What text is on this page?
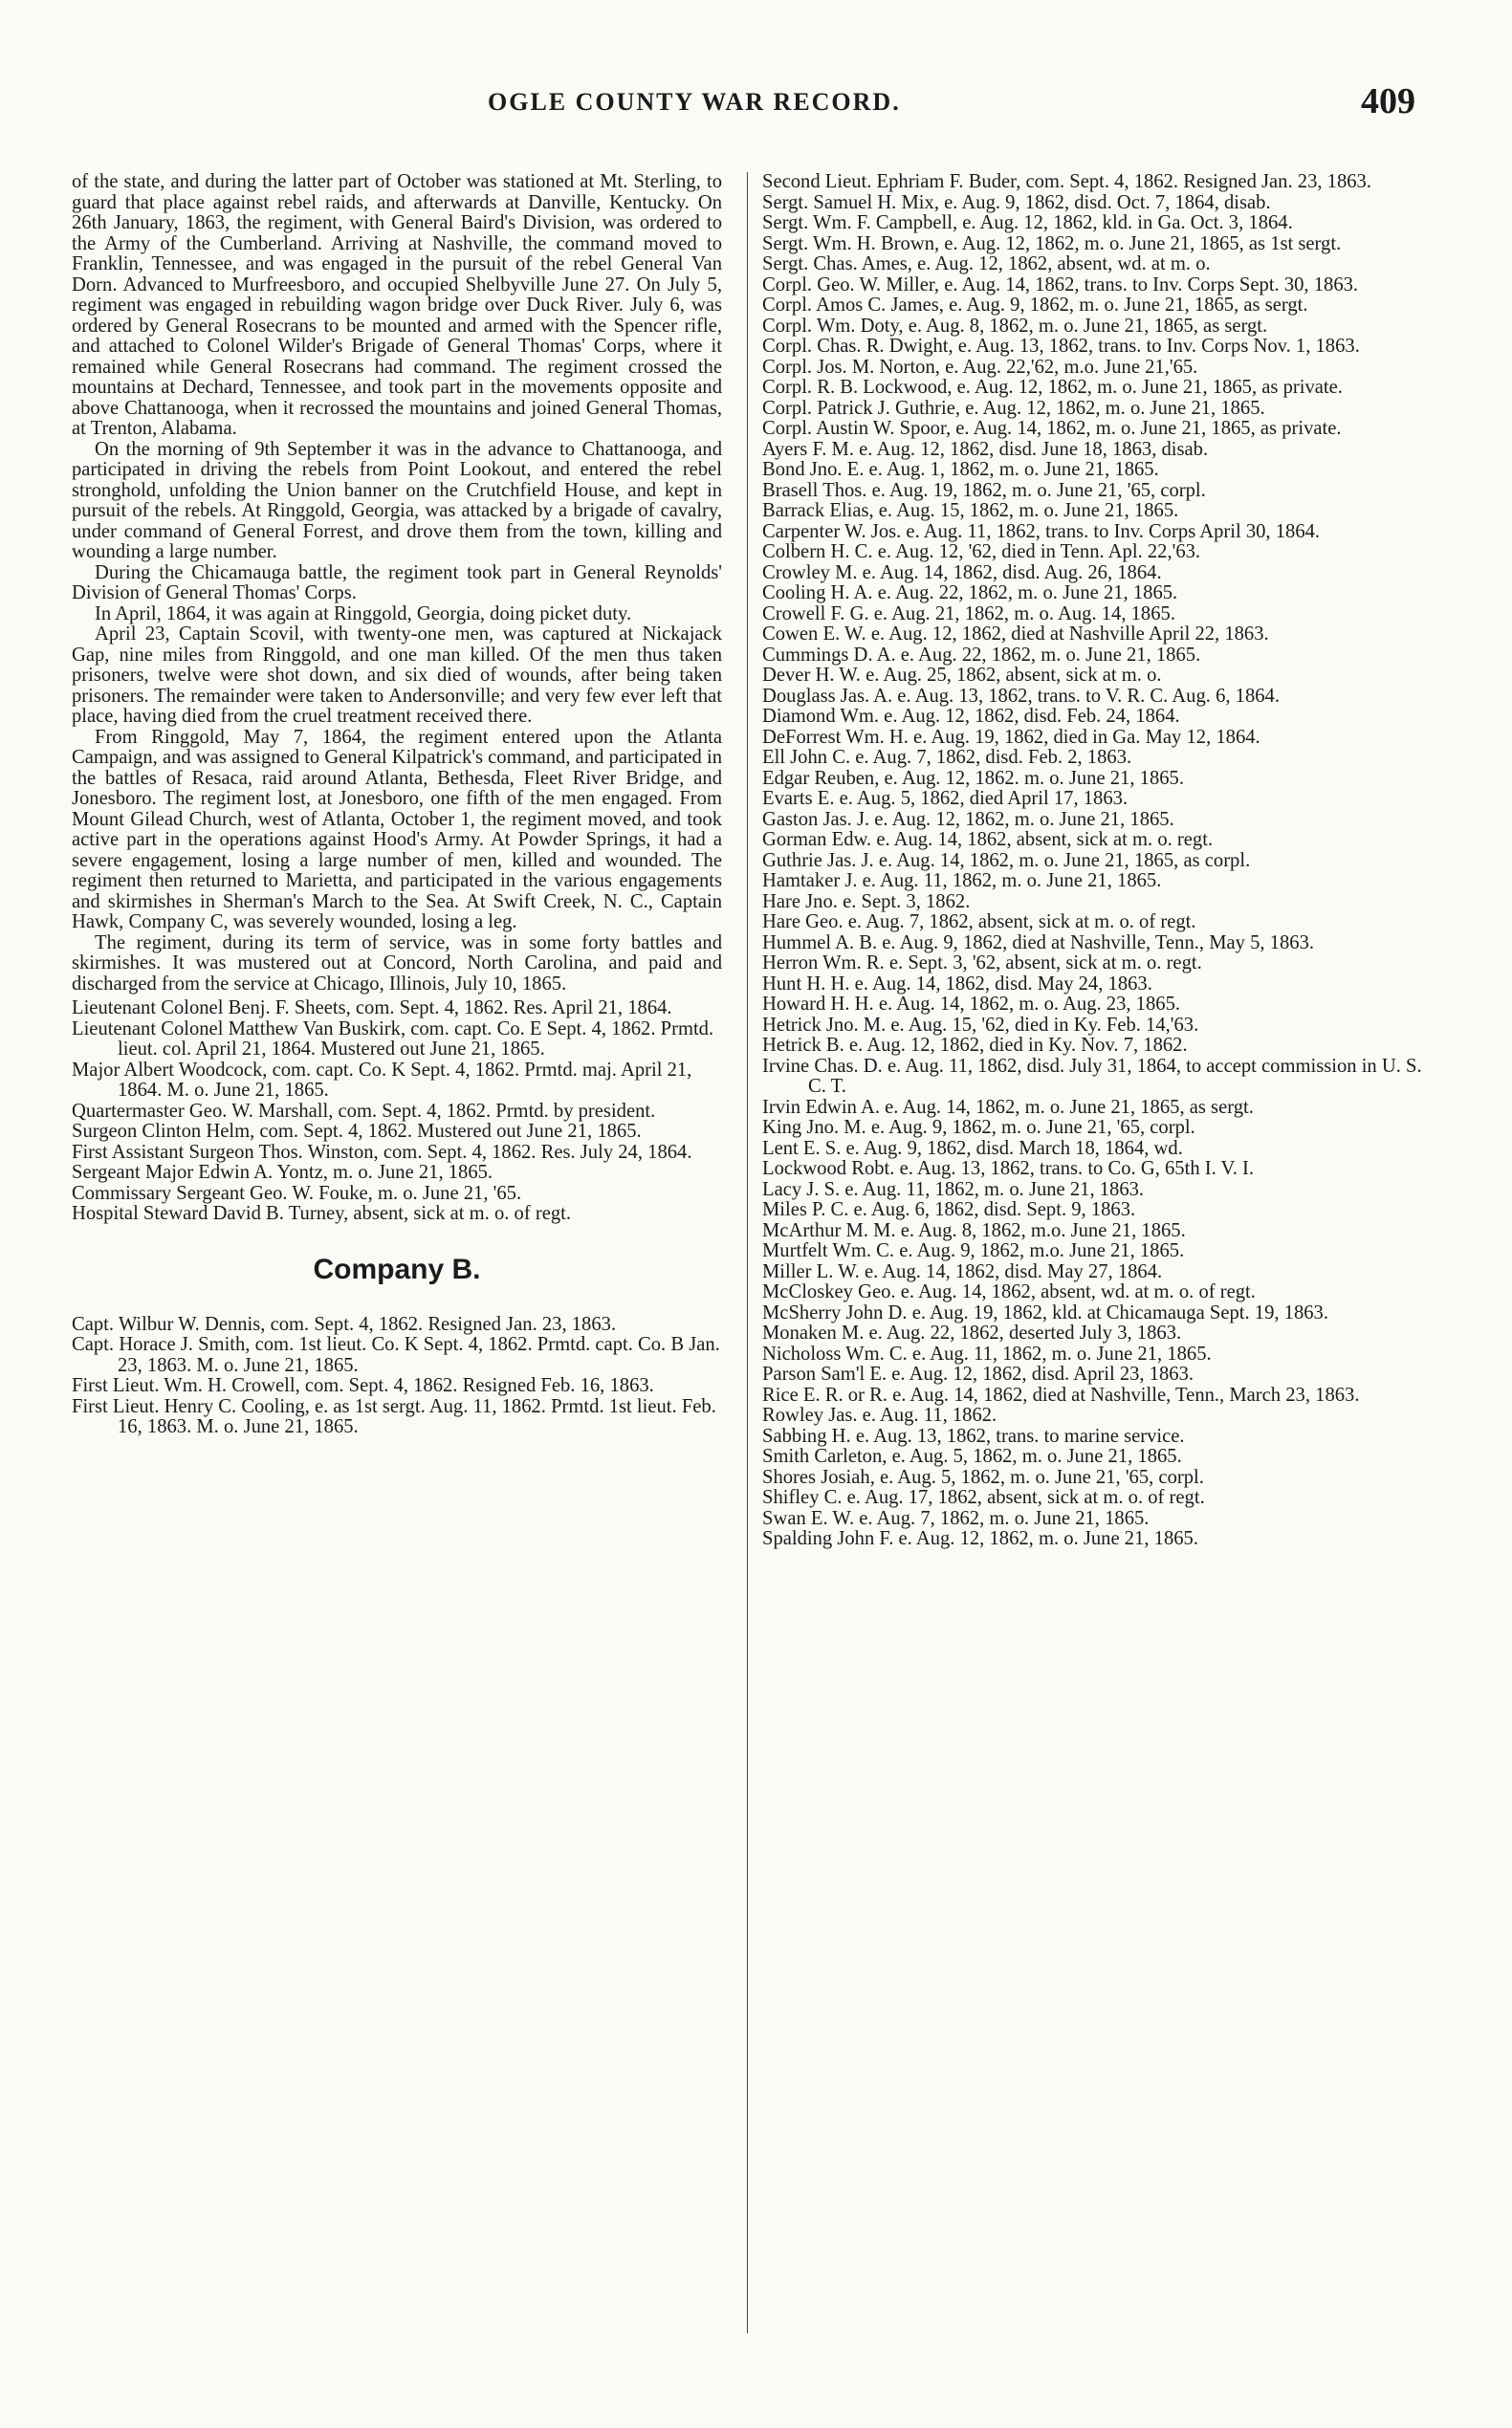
OGLE COUNTY WAR RECORD.	409

of the state, and during the latter part of October was stationed at Mt. Sterling, to guard that place against rebel raids, and afterwards at Danville, Kentucky. On 26th January, 1863, the regiment, with General Baird's Division, was ordered to the Army of the Cumberland. Arriving at Nashville, the command moved to Franklin, Tennessee, and was engaged in the pursuit of the rebel General Van Dorn. Advanced to Murfreesboro, and occupied Shelbyville June 27. On July 5, regiment was engaged in rebuilding wagon bridge over Duck River. July 6, was ordered by General Rosecrans to be mounted and armed with the Spencer rifle, and attached to Colonel Wilder's Brigade of General Thomas' Corps, where it remained while General Rosecrans had command. The regiment crossed the mountains at Dechard, Tennessee, and took part in the movements opposite and above Chattanooga, when it recrossed the mountains and joined General Thomas, at Trenton, Alabama.

On the morning of 9th September it was in the advance to Chattanooga, and participated in driving the rebels from Point Lookout, and entered the rebel stronghold, unfolding the Union banner on the Crutchfield House, and kept in pursuit of the rebels. At Ringgold, Georgia, was attacked by a brigade of cavalry, under command of General Forrest, and drove them from the town, killing and wounding a large number.

During the Chicamauga battle, the regiment took part in General Reynolds' Division of General Thomas' Corps.

In April, 1864, it was again at Ringgold, Georgia, doing picket duty.

April 23, Captain Scovil, with twenty-one men, was captured at Nickajack Gap, nine miles from Ringgold, and one man killed. Of the men thus taken prisoners, twelve were shot down, and six died of wounds, after being taken prisoners. The remainder were taken to Andersonville; and very few ever left that place, having died from the cruel treatment received there.

From Ringgold, May 7, 1864, the regiment entered upon the Atlanta Campaign, and was assigned to General Kilpatrick's command, and participated in the battles of Resaca, raid around Atlanta, Bethesda, Fleet River Bridge, and Jonesboro. The regiment lost, at Jonesboro, one fifth of the men engaged. From Mount Gilead Church, west of Atlanta, October 1, the regiment moved, and took active part in the operations against Hood's Army. At Powder Springs, it had a severe engagement, losing a large number of men, killed and wounded. The regiment then returned to Marietta, and participated in the various engagements and skirmishes in Sherman's March to the Sea. At Swift Creek, N. C., Captain Hawk, Company C, was severely wounded, losing a leg.

The regiment, during its term of service, was in some forty battles and skirmishes. It was mustered out at Concord, North Carolina, and paid and discharged from the service at Chicago, Illinois, July 10, 1865.

Lieutenant Colonel Benj. F. Sheets, com. Sept. 4, 1862. Res. April 21, 1864.

Lieutenant Colonel Matthew Van Buskirk, com. capt. Co. E Sept. 4, 1862. Prmtd. lieut. col. April 21, 1864. Mustered out June 21, 1865.

Major Albert Woodcock, com. capt. Co. K Sept. 4, 1862. Prmtd. maj. April 21, 1864. M. o. June 21, 1865.

Quartermaster Geo. W. Marshall, com. Sept. 4, 1862. Prmtd. by president.

Surgeon Clinton Helm, com. Sept. 4, 1862. Mustered out June 21, 1865.

First Assistant Surgeon Thos. Winston, com. Sept. 4, 1862. Res. July 24, 1864.

Sergeant Major Edwin A. Yontz, m. o. June 21, 1865.

Commissary Sergeant Geo. W. Fouke, m. o. June 21, '65.

Hospital Steward David B. Turney, absent, sick at m. o. of regt.

Company B.

Capt. Wilbur W. Dennis, com. Sept. 4, 1862. Resigned Jan. 23, 1863.

Capt. Horace J. Smith, com. 1st lieut. Co. K Sept. 4, 1862. Prmtd. capt. Co. B Jan. 23, 1863. M. o. June 21, 1865.

First Lieut. Wm. H. Crowell, com. Sept. 4, 1862. Resigned Feb. 16, 1863.

First Lieut. Henry C. Cooling, e. as 1st sergt. Aug. 11, 1862. Prmtd. 1st lieut. Feb. 16, 1863. M. o. June 21, 1865.

Second Lieut. Ephriam F. Buder, com. Sept. 4, 1862. Resigned Jan. 23, 1863.

Sergt. Samuel H. Mix, e. Aug. 9, 1862, disd. Oct. 7, 1864, disab.

Sergt. Wm. F. Campbell, e. Aug. 12, 1862, kld. in Ga. Oct. 3, 1864.

Sergt. Wm. H. Brown, e. Aug. 12, 1862, m. o. June 21, 1865, as 1st sergt.

Sergt. Chas. Ames, e. Aug. 12, 1862, absent, wd. at m. o.

Corpl. Geo. W. Miller, e. Aug. 14, 1862, trans. to Inv. Corps Sept. 30, 1863.

Corpl. Amos C. James, e. Aug. 9, 1862, m. o. June 21, 1865, as sergt.

Corpl. Wm. Doty, e. Aug. 8, 1862, m. o. June 21, 1865, as sergt.

Corpl. Chas. R. Dwight, e. Aug. 13, 1862, trans. to Inv. Corps Nov. 1, 1863.

Corpl. Jos. M. Norton, e. Aug. 22,'62, m.o. June 21,'65.

Corpl. R. B. Lockwood, e. Aug. 12, 1862, m. o. June 21, 1865, as private.

Corpl. Patrick J. Guthrie, e. Aug. 12, 1862, m. o. June 21, 1865.

Corpl. Austin W. Spoor, e. Aug. 14, 1862, m. o. June 21, 1865, as private.

Ayers F. M. e. Aug. 12, 1862, disd. June 18, 1863, disab.

Bond Jno. E. e. Aug. 1, 1862, m. o. June 21, 1865.

Brasell Thos. e. Aug. 19, 1862, m. o. June 21, '65, corpl.

Barrack Elias, e. Aug. 15, 1862, m. o. June 21, 1865.

Carpenter W. Jos. e. Aug. 11, 1862, trans. to Inv. Corps April 30, 1864.

Colbern H. C. e. Aug. 12, '62, died in Tenn. Apl. 22,'63.

Crowley M. e. Aug. 14, 1862, disd. Aug. 26, 1864.

Cooling H. A. e. Aug. 22, 1862, m. o. June 21, 1865.

Crowell F. G. e. Aug. 21, 1862, m. o. Aug. 14, 1865.

Cowen E. W. e. Aug. 12, 1862, died at Nashville April 22, 1863.

Cummings D. A. e. Aug. 22, 1862, m. o. June 21, 1865.

Dever H. W. e. Aug. 25, 1862, absent, sick at m. o.

Douglass Jas. A. e. Aug. 13, 1862, trans. to V. R. C. Aug. 6, 1864.

Diamond Wm. e. Aug. 12, 1862, disd. Feb. 24, 1864.

DeForrest Wm. H. e. Aug. 19, 1862, died in Ga. May 12, 1864.

Ell John C. e. Aug. 7, 1862, disd. Feb. 2, 1863.

Edgar Reuben, e. Aug. 12, 1862. m. o. June 21, 1865.

Evarts E. e. Aug. 5, 1862, died April 17, 1863.

Gaston Jas. J. e. Aug. 12, 1862, m. o. June 21, 1865.

Gorman Edw. e. Aug. 14, 1862, absent, sick at m. o. regt.

Guthrie Jas. J. e. Aug. 14, 1862, m. o. June 21, 1865, as corpl.

Hamtaker J. e. Aug. 11, 1862, m. o. June 21, 1865.

Hare Jno. e. Sept. 3, 1862.

Hare Geo. e. Aug. 7, 1862, absent, sick at m. o. of regt.

Hummel A. B. e. Aug. 9, 1862, died at Nashville, Tenn., May 5, 1863.

Herron Wm. R. e. Sept. 3, '62, absent, sick at m. o. regt.

Hunt H. H. e. Aug. 14, 1862, disd. May 24, 1863.

Howard H. H. e. Aug. 14, 1862, m. o. Aug. 23, 1865.

Hetrick Jno. M. e. Aug. 15, '62, died in Ky. Feb. 14,'63.

Hetrick B. e. Aug. 12, 1862, died in Ky. Nov. 7, 1862.

Irvine Chas. D. e. Aug. 11, 1862, disd. July 31, 1864, to accept commission in U. S. C. T.

Irvin Edwin A. e. Aug. 14, 1862, m. o. June 21, 1865, as sergt.

King Jno. M. e. Aug. 9, 1862, m. o. June 21, '65, corpl.

Lent E. S. e. Aug. 9, 1862, disd. March 18, 1864, wd.

Lockwood Robt. e. Aug. 13, 1862, trans. to Co. G, 65th I. V. I.

Lacy J. S. e. Aug. 11, 1862, m. o. June 21, 1863.

Miles P. C. e. Aug. 6, 1862, disd. Sept. 9, 1863.

McArthur M. M. e. Aug. 8, 1862, m.o. June 21, 1865.

Murtfelt Wm. C. e. Aug. 9, 1862, m.o. June 21, 1865.

Miller L. W. e. Aug. 14, 1862, disd. May 27, 1864.

McCloskey Geo. e. Aug. 14, 1862, absent, wd. at m. o. of regt.

McSherry John D. e. Aug. 19, 1862, kld. at Chicamauga Sept. 19, 1863.

Monaken M. e. Aug. 22, 1862, deserted July 3, 1863.

Nicholoss Wm. C. e. Aug. 11, 1862, m. o. June 21, 1865.

Parson Sam'l E. e. Aug. 12, 1862, disd. April 23, 1863.

Rice E. R. or R. e. Aug. 14, 1862, died at Nashville, Tenn., March 23, 1863.

Rowley Jas. e. Aug. 11, 1862.

Sabbing H. e. Aug. 13, 1862, trans. to marine service.

Smith Carleton, e. Aug. 5, 1862, m. o. June 21, 1865.

Shores Josiah, e. Aug. 5, 1862, m. o. June 21, '65, corpl.

Shifley C. e. Aug. 17, 1862, absent, sick at m. o. of regt.

Swan E. W. e. Aug. 7, 1862, m. o. June 21, 1865.

Spalding John F. e. Aug. 12, 1862, m. o. June 21, 1865.
